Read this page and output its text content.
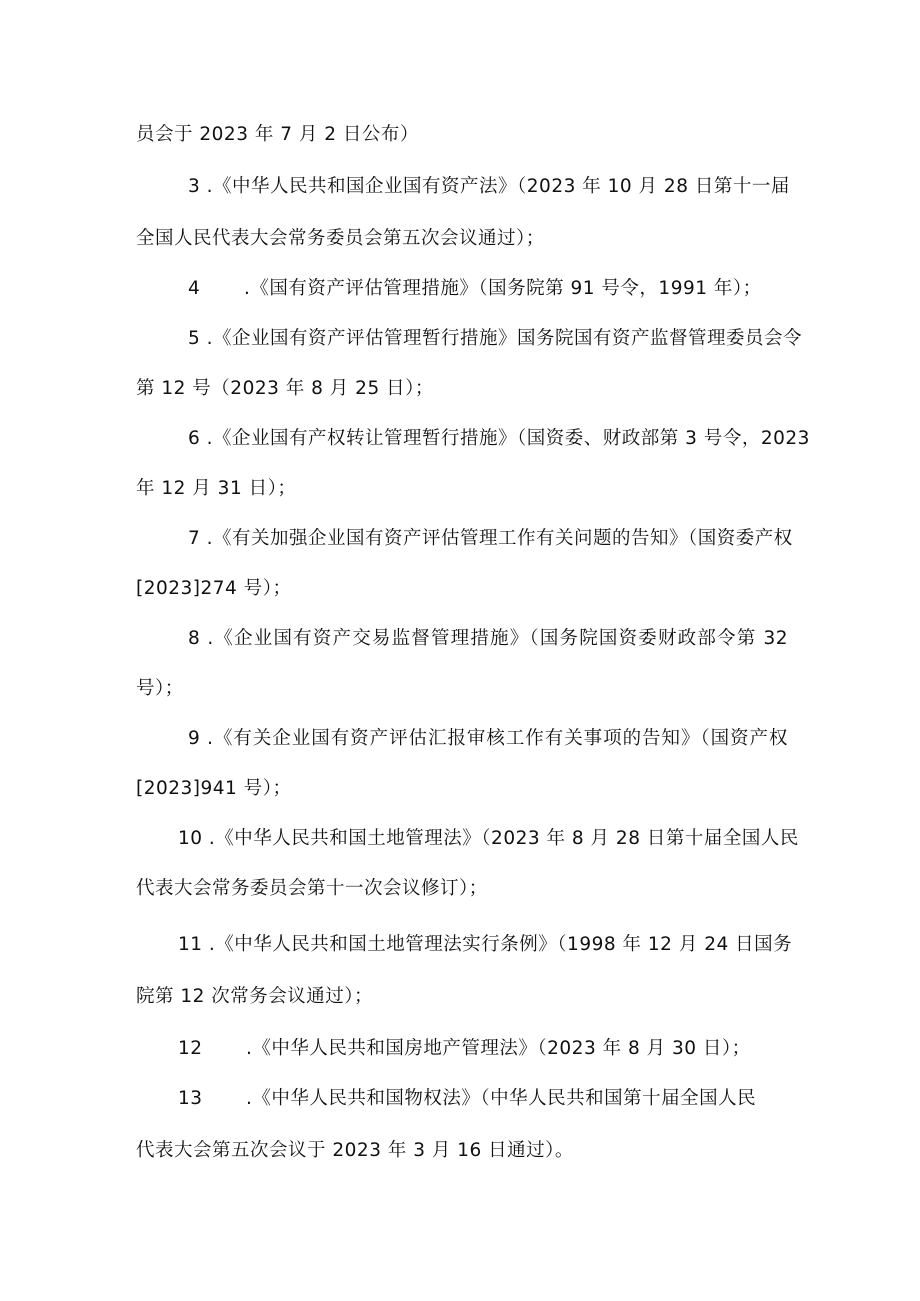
员会于 2023 年 7 月 2 日公布）
3 .《中华人民共和国企业国有资产法》（2023 年 10 月 28 日第十一届
全国人民代表大会常务委员会第五次会议通过）；
4 .《国有资产评估管理措施》（国务院第 91 号令，1991 年）；
5 .《企业国有资产评估管理暂行措施》国务院国有资产监督管理委员会令
第 12 号（2023 年 8 月 25 日）；
6 .《企业国有产权转让管理暂行措施》（国资委、财政部第 3 号令，2023
年 12 月 31 日）；
7 .《有关加强企业国有资产评估管理工作有关问题的告知》（国资委产权
[2023]274 号）；
8 .《企业国有资产交易监督管理措施》（国务院国资委财政部令第 32
号）；
9 .《有关企业国有资产评估汇报审核工作有关事项的告知》（国资产权
[2023]941 号）；
10 .《中华人民共和国土地管理法》（2023 年 8 月 28 日第十届全国人民
代表大会常务委员会第十一次会议修订）；
11 .《中华人民共和国土地管理法实行条例》（1998 年 12 月 24 日国务
院第 12 次常务会议通过）；
12 .《中华人民共和国房地产管理法》（2023 年 8 月 30 日）；
13 .《中华人民共和国物权法》（中华人民共和国第十届全国人民
代表大会第五次会议于 2023 年 3 月 16 日通过）。
